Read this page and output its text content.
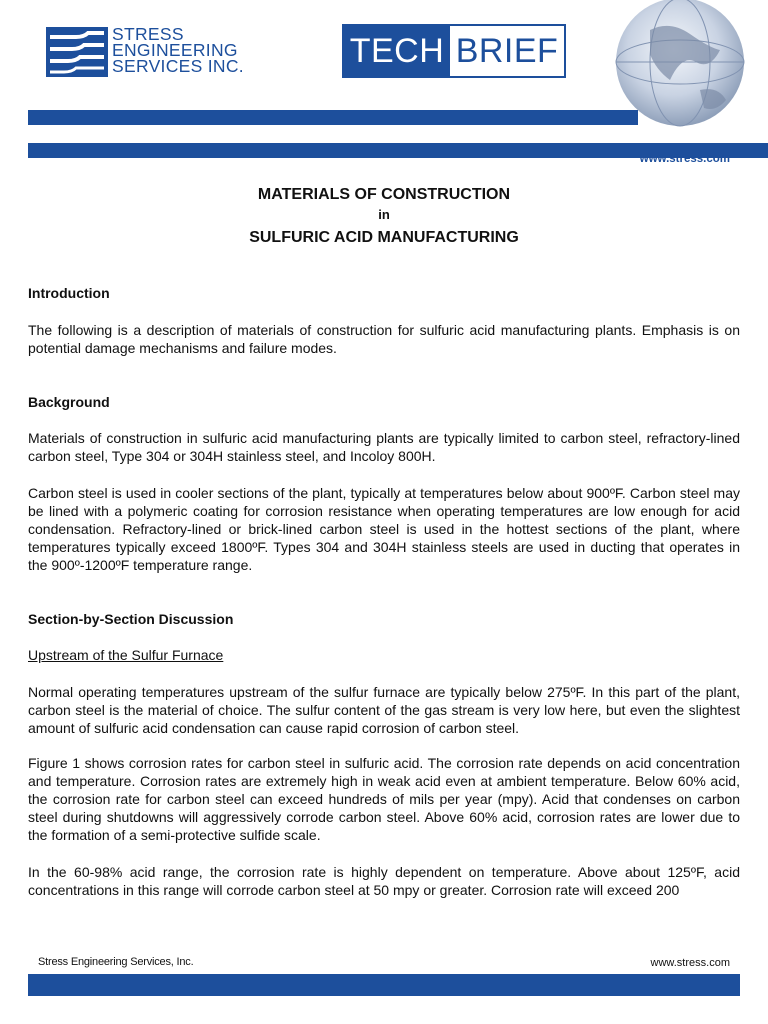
STRESS
ENGINEERING
SERVICES INC.	TECH BRIEF
www.stress.com
MATERIALS OF CONSTRUCTION
in
SULFURIC ACID MANUFACTURING
Introduction
The following is a description of materials of construction for sulfuric acid manufacturing plants. Emphasis is on potential damage mechanisms and failure modes.
Background
Materials of construction in sulfuric acid manufacturing plants are typically limited to carbon steel, refractory-lined carbon steel, Type 304 or 304H stainless steel, and Incoloy 800H.
Carbon steel is used in cooler sections of the plant, typically at temperatures below about 900ºF. Carbon steel may be lined with a polymeric coating for corrosion resistance when operating temperatures are low enough for acid condensation. Refractory-lined or brick-lined carbon steel is used in the hottest sections of the plant, where temperatures typically exceed 1800ºF. Types 304 and 304H stainless steels are used in ducting that operates in the 900º-1200ºF temperature range.
Section-by-Section Discussion
Upstream of the Sulfur Furnace
Normal operating temperatures upstream of the sulfur furnace are typically below 275ºF. In this part of the plant, carbon steel is the material of choice. The sulfur content of the gas stream is very low here, but even the slightest amount of sulfuric acid condensation can cause rapid corrosion of carbon steel.
Figure 1 shows corrosion rates for carbon steel in sulfuric acid. The corrosion rate depends on acid concentration and temperature. Corrosion rates are extremely high in weak acid even at ambient temperature. Below 60% acid, the corrosion rate for carbon steel can exceed hundreds of mils per year (mpy). Acid that condenses on carbon steel during shutdowns will aggressively corrode carbon steel. Above 60% acid, corrosion rates are lower due to the formation of a semi-protective sulfide scale.
In the 60-98% acid range, the corrosion rate is highly dependent on temperature. Above about 125ºF, acid concentrations in this range will corrode carbon steel at 50 mpy or greater. Corrosion rate will exceed 200
Stress Engineering Services, Inc.	www.stress.com
